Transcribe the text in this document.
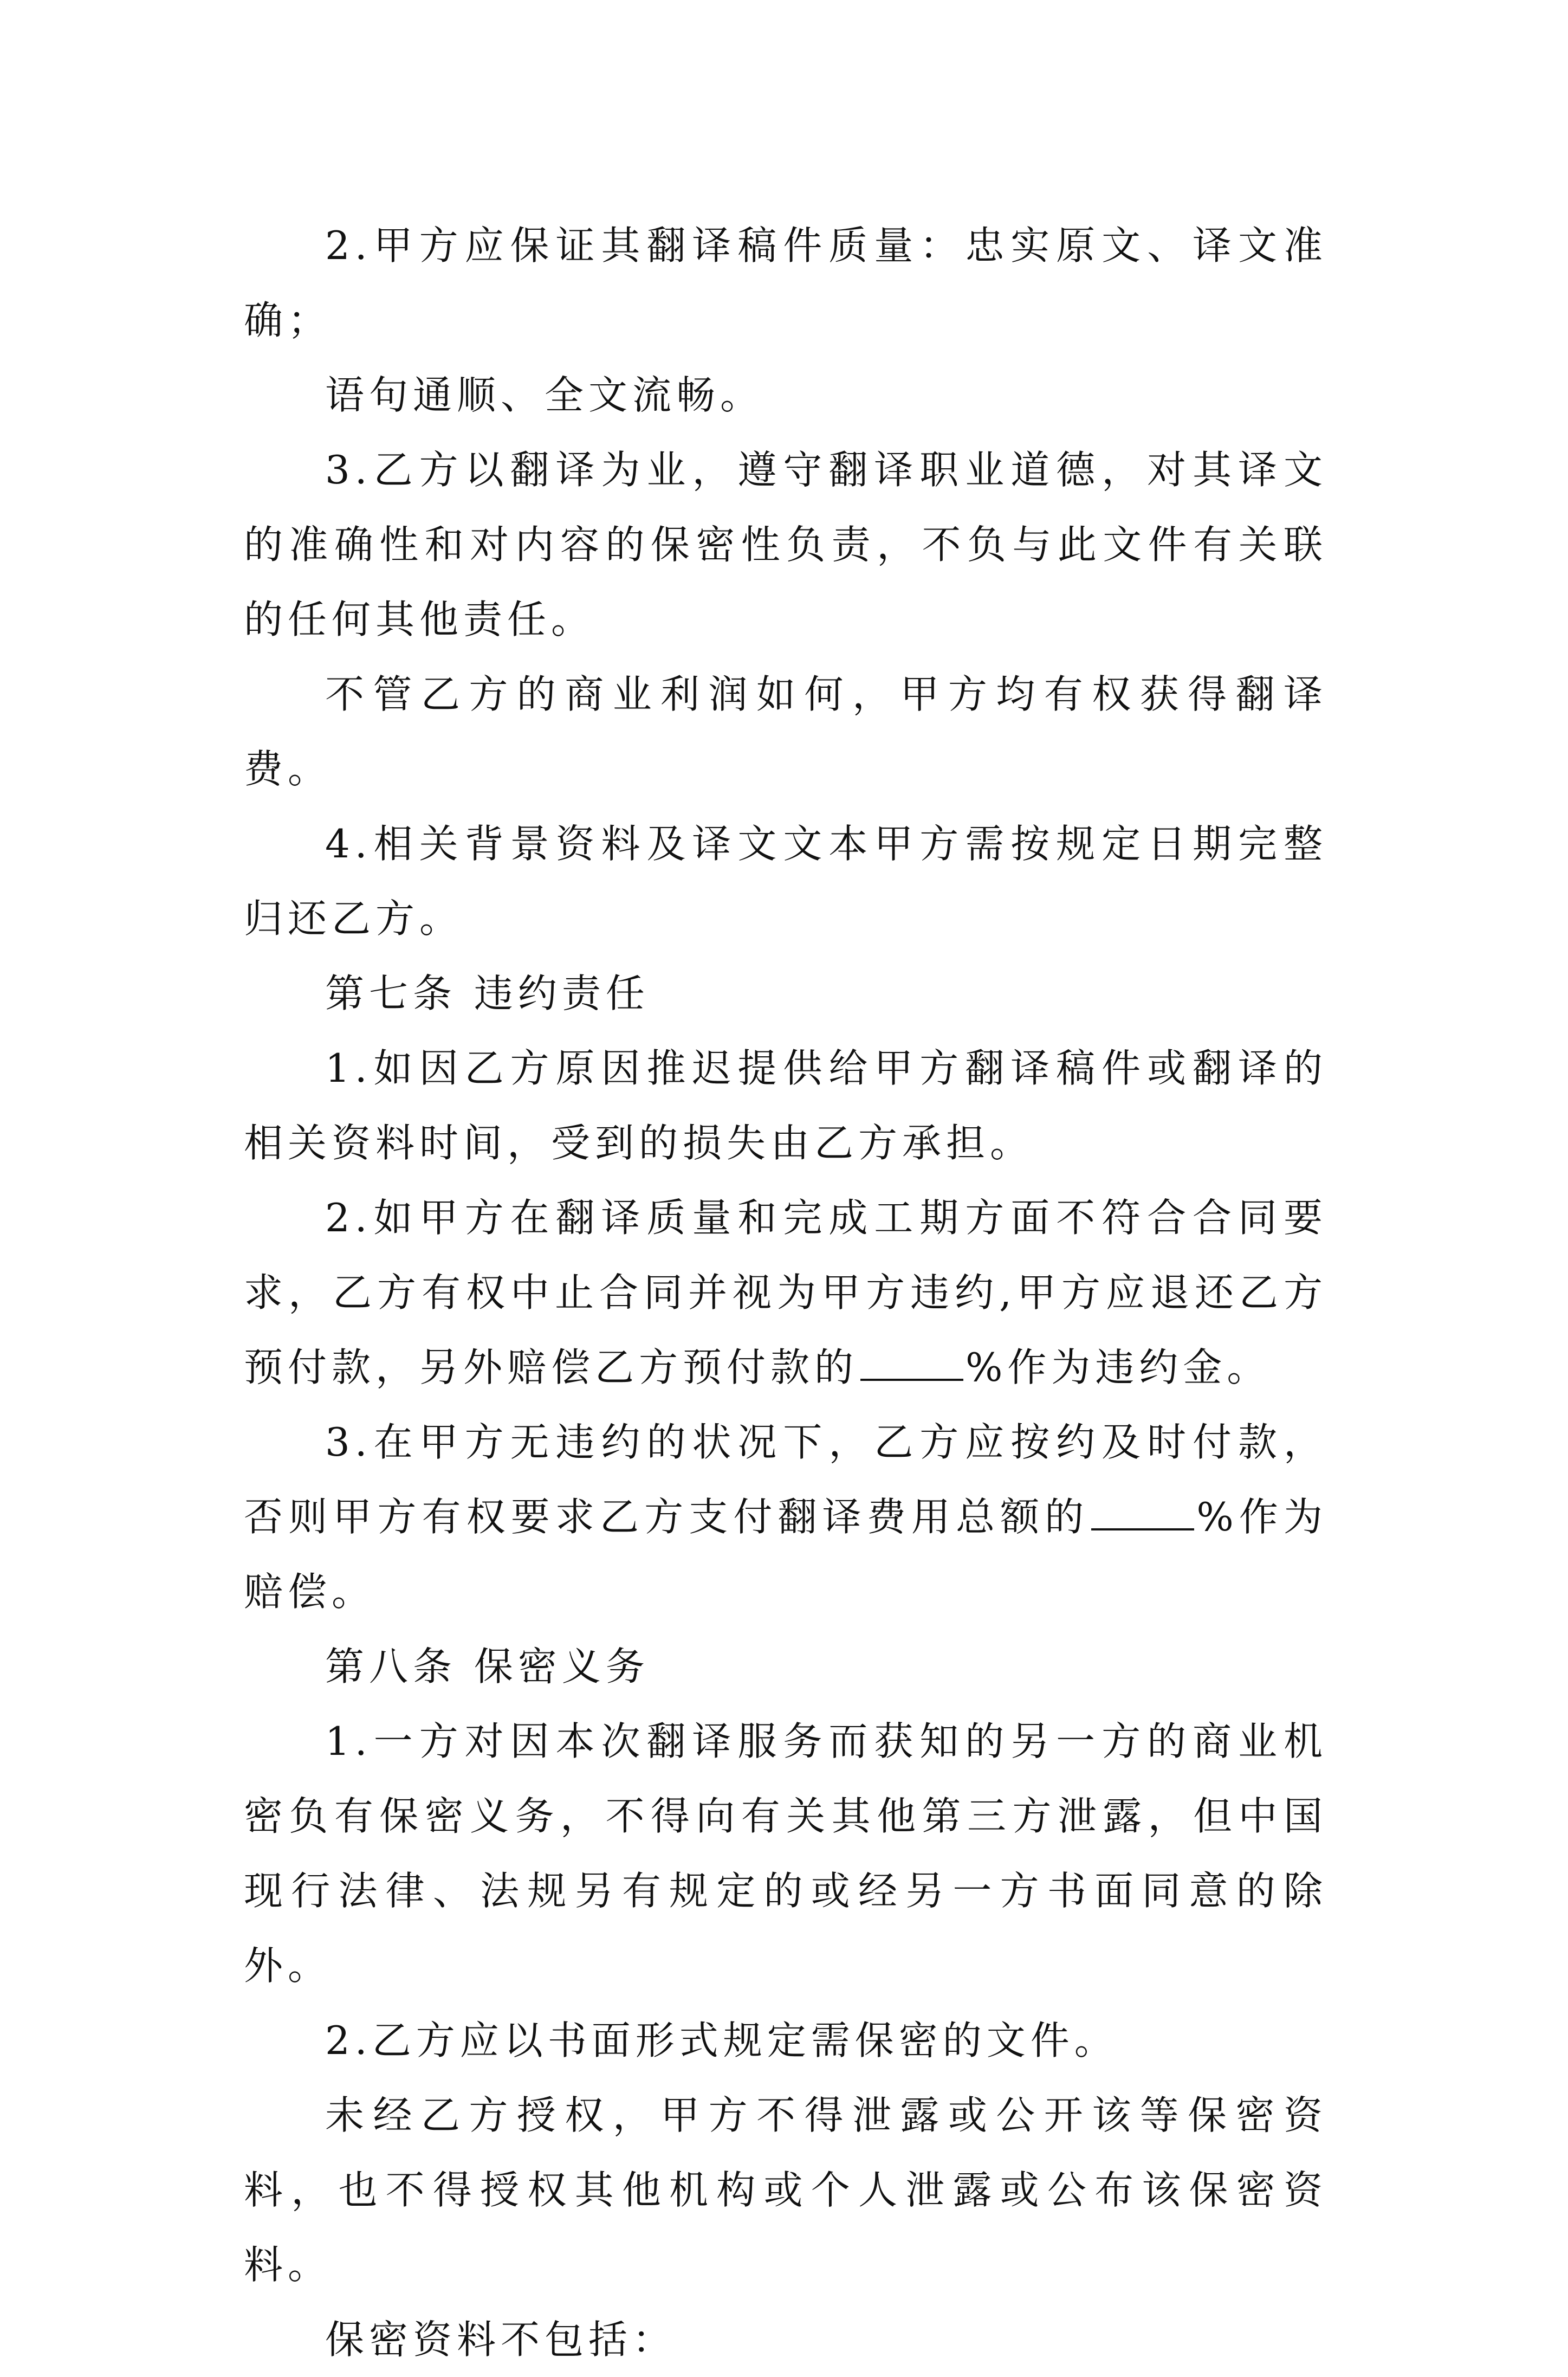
2.甲方应保证其翻译稿件质量：忠实原文、译文准确；

语句通顺、全文流畅。

3.乙方以翻译为业，遵守翻译职业道德，对其译文的准确性和对内容的保密性负责，不负与此文件有关联的任何其他责任。

不管乙方的商业利润如何，甲方均有权获得翻译费。

4.相关背景资料及译文文本甲方需按规定日期完整归还乙方。

第七条 违约责任

1.如因乙方原因推迟提供给甲方翻译稿件或翻译的相关资料时间，受到的损失由乙方承担。

2.如甲方在翻译质量和完成工期方面不符合合同要求，乙方有权中止合同并视为甲方违约,甲方应退还乙方预付款，另外赔偿乙方预付款的	%作为违约金。

3.在甲方无违约的状况下，乙方应按约及时付款，否则甲方有权要求乙方支付翻译费用总额的	%作为赔偿。

第八条 保密义务

1.一方对因本次翻译服务而获知的另一方的商业机密负有保密义务，不得向有关其他第三方泄露，但中国现行法律、法规另有规定的或经另一方书面同意的除外。

2.乙方应以书面形式规定需保密的文件。

未经乙方授权，甲方不得泄露或公开该等保密资料，也不得授权其他机构或个人泄露或公布该保密资料。

保密资料不包括：
